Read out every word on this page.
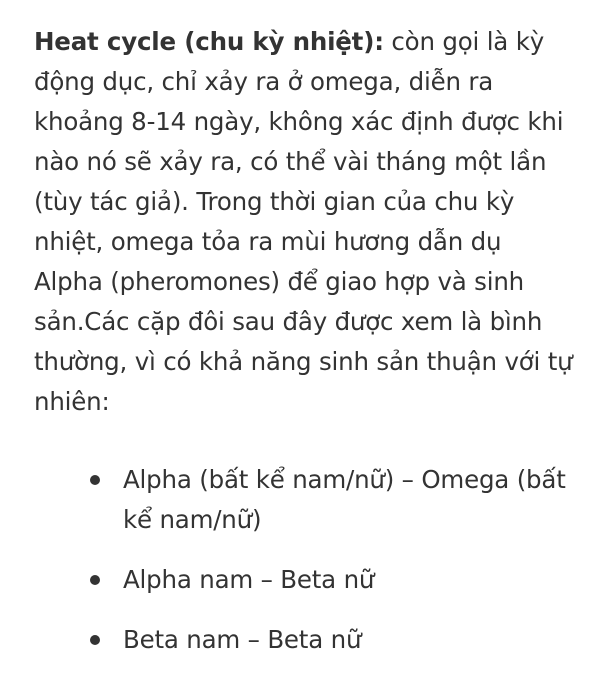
Heat cycle (chu kỳ nhiệt): còn gọi là kỳ động dục, chỉ xảy ra ở omega, diễn ra khoảng 8-14 ngày, không xác định được khi nào nó sẽ xảy ra, có thể vài tháng một lần (tùy tác giả). Trong thời gian của chu kỳ nhiệt, omega tỏa ra mùi hương dẫn dụ Alpha (pheromones) để giao hợp và sinh sản.Các cặp đôi sau đây được xem là bình thường, vì có khả năng sinh sản thuận với tự nhiên:

Alpha (bất kể nam/nữ) – Omega (bất kể nam/nữ)
Alpha nam – Beta nữ
Beta nam – Beta nữ
